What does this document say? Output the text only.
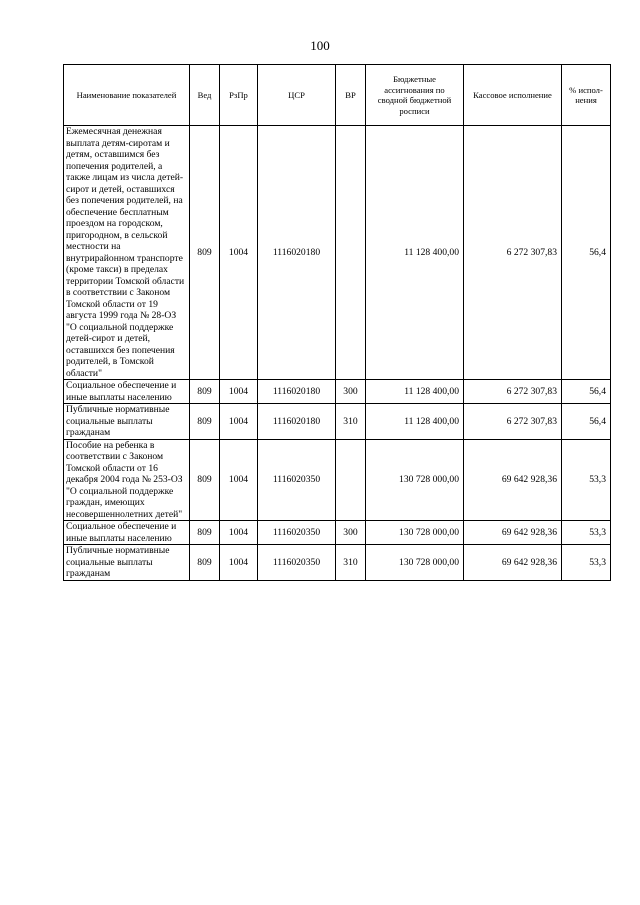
100
Наименование показателей	Вед	РзПр	ЦСР	ВР	Бюджетные ассигнования по сводной бюджетной росписи	Кассовое исполнение	% испол-нения
Ежемесячная денежная выплата детям-сиротам и детям, оставшимся без попечения родителей, а также лицам из числа детей-сирот и детей, оставшихся без попечения родителей, на обеспечение бесплатным проездом на городском, пригородном, в сельской местности на внутрирайонном транспорте (кроме такси) в пределах территории Томской области в соответствии с Законом Томской области от 19 августа 1999 года № 28-ОЗ "О социальной поддержке детей-сирот и детей, оставшихся без попечения родителей, в Томской области"	809	1004	1116020180		11 128 400,00	6 272 307,83	56,4
Социальное обеспечение и иные выплаты населению	809	1004	1116020180	300	11 128 400,00	6 272 307,83	56,4
Публичные нормативные социальные выплаты гражданам	809	1004	1116020180	310	11 128 400,00	6 272 307,83	56,4
Пособие на ребенка в соответствии с Законом Томской области от 16 декабря 2004 года № 253-ОЗ "О социальной поддержке граждан, имеющих несовершеннолетних детей"	809	1004	1116020350		130 728 000,00	69 642 928,36	53,3
Социальное обеспечение и иные выплаты населению	809	1004	1116020350	300	130 728 000,00	69 642 928,36	53,3
Публичные нормативные социальные выплаты гражданам	809	1004	1116020350	310	130 728 000,00	69 642 928,36	53,3
